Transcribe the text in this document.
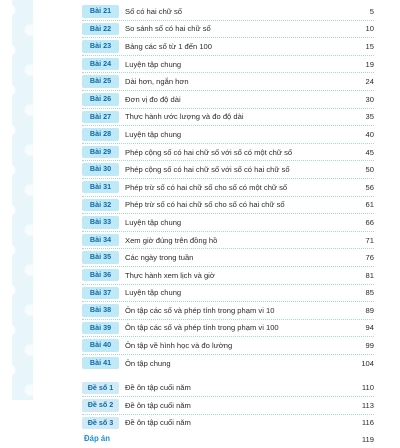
Bài 21	Số có hai chữ số	5
Bài 22	So sánh số có hai chữ số	10
Bài 23	Bảng các số từ 1 đến 100	15
Bài 24	Luyện tập chung	19
Bài 25	Dài hơn, ngắn hơn	24
Bài 26	Đơn vị đo độ dài	30
Bài 27	Thực hành ước lượng và đo độ dài	35
Bài 28	Luyện tập chung	40
Bài 29	Phép cộng số có hai chữ số với số có một chữ số	45
Bài 30	Phép cộng số có hai chữ số với số có hai chữ số	50
Bài 31	Phép trừ số có hai chữ số cho số có một chữ số	56
Bài 32	Phép trừ số có hai chữ số cho số có hai chữ số	61
Bài 33	Luyện tập chung	66
Bài 34	Xem giờ đúng trên đồng hồ	71
Bài 35	Các ngày trong tuần	76
Bài 36	Thực hành xem lịch và giờ	81
Bài 37	Luyện tập chung	85
Bài 38	Ôn tập các số và phép tính trong phạm vi 10	89
Bài 39	Ôn tập các số và phép tính trong phạm vi 100	94
Bài 40	Ôn tập về hình học và đo lường	99
Bài 41	Ôn tập chung	104
Đề số 1	Đề ôn tập cuối năm	110
Đề số 2	Đề ôn tập cuối năm	113
Đề số 3	Đề ôn tập cuối năm	116
Đáp án	119
